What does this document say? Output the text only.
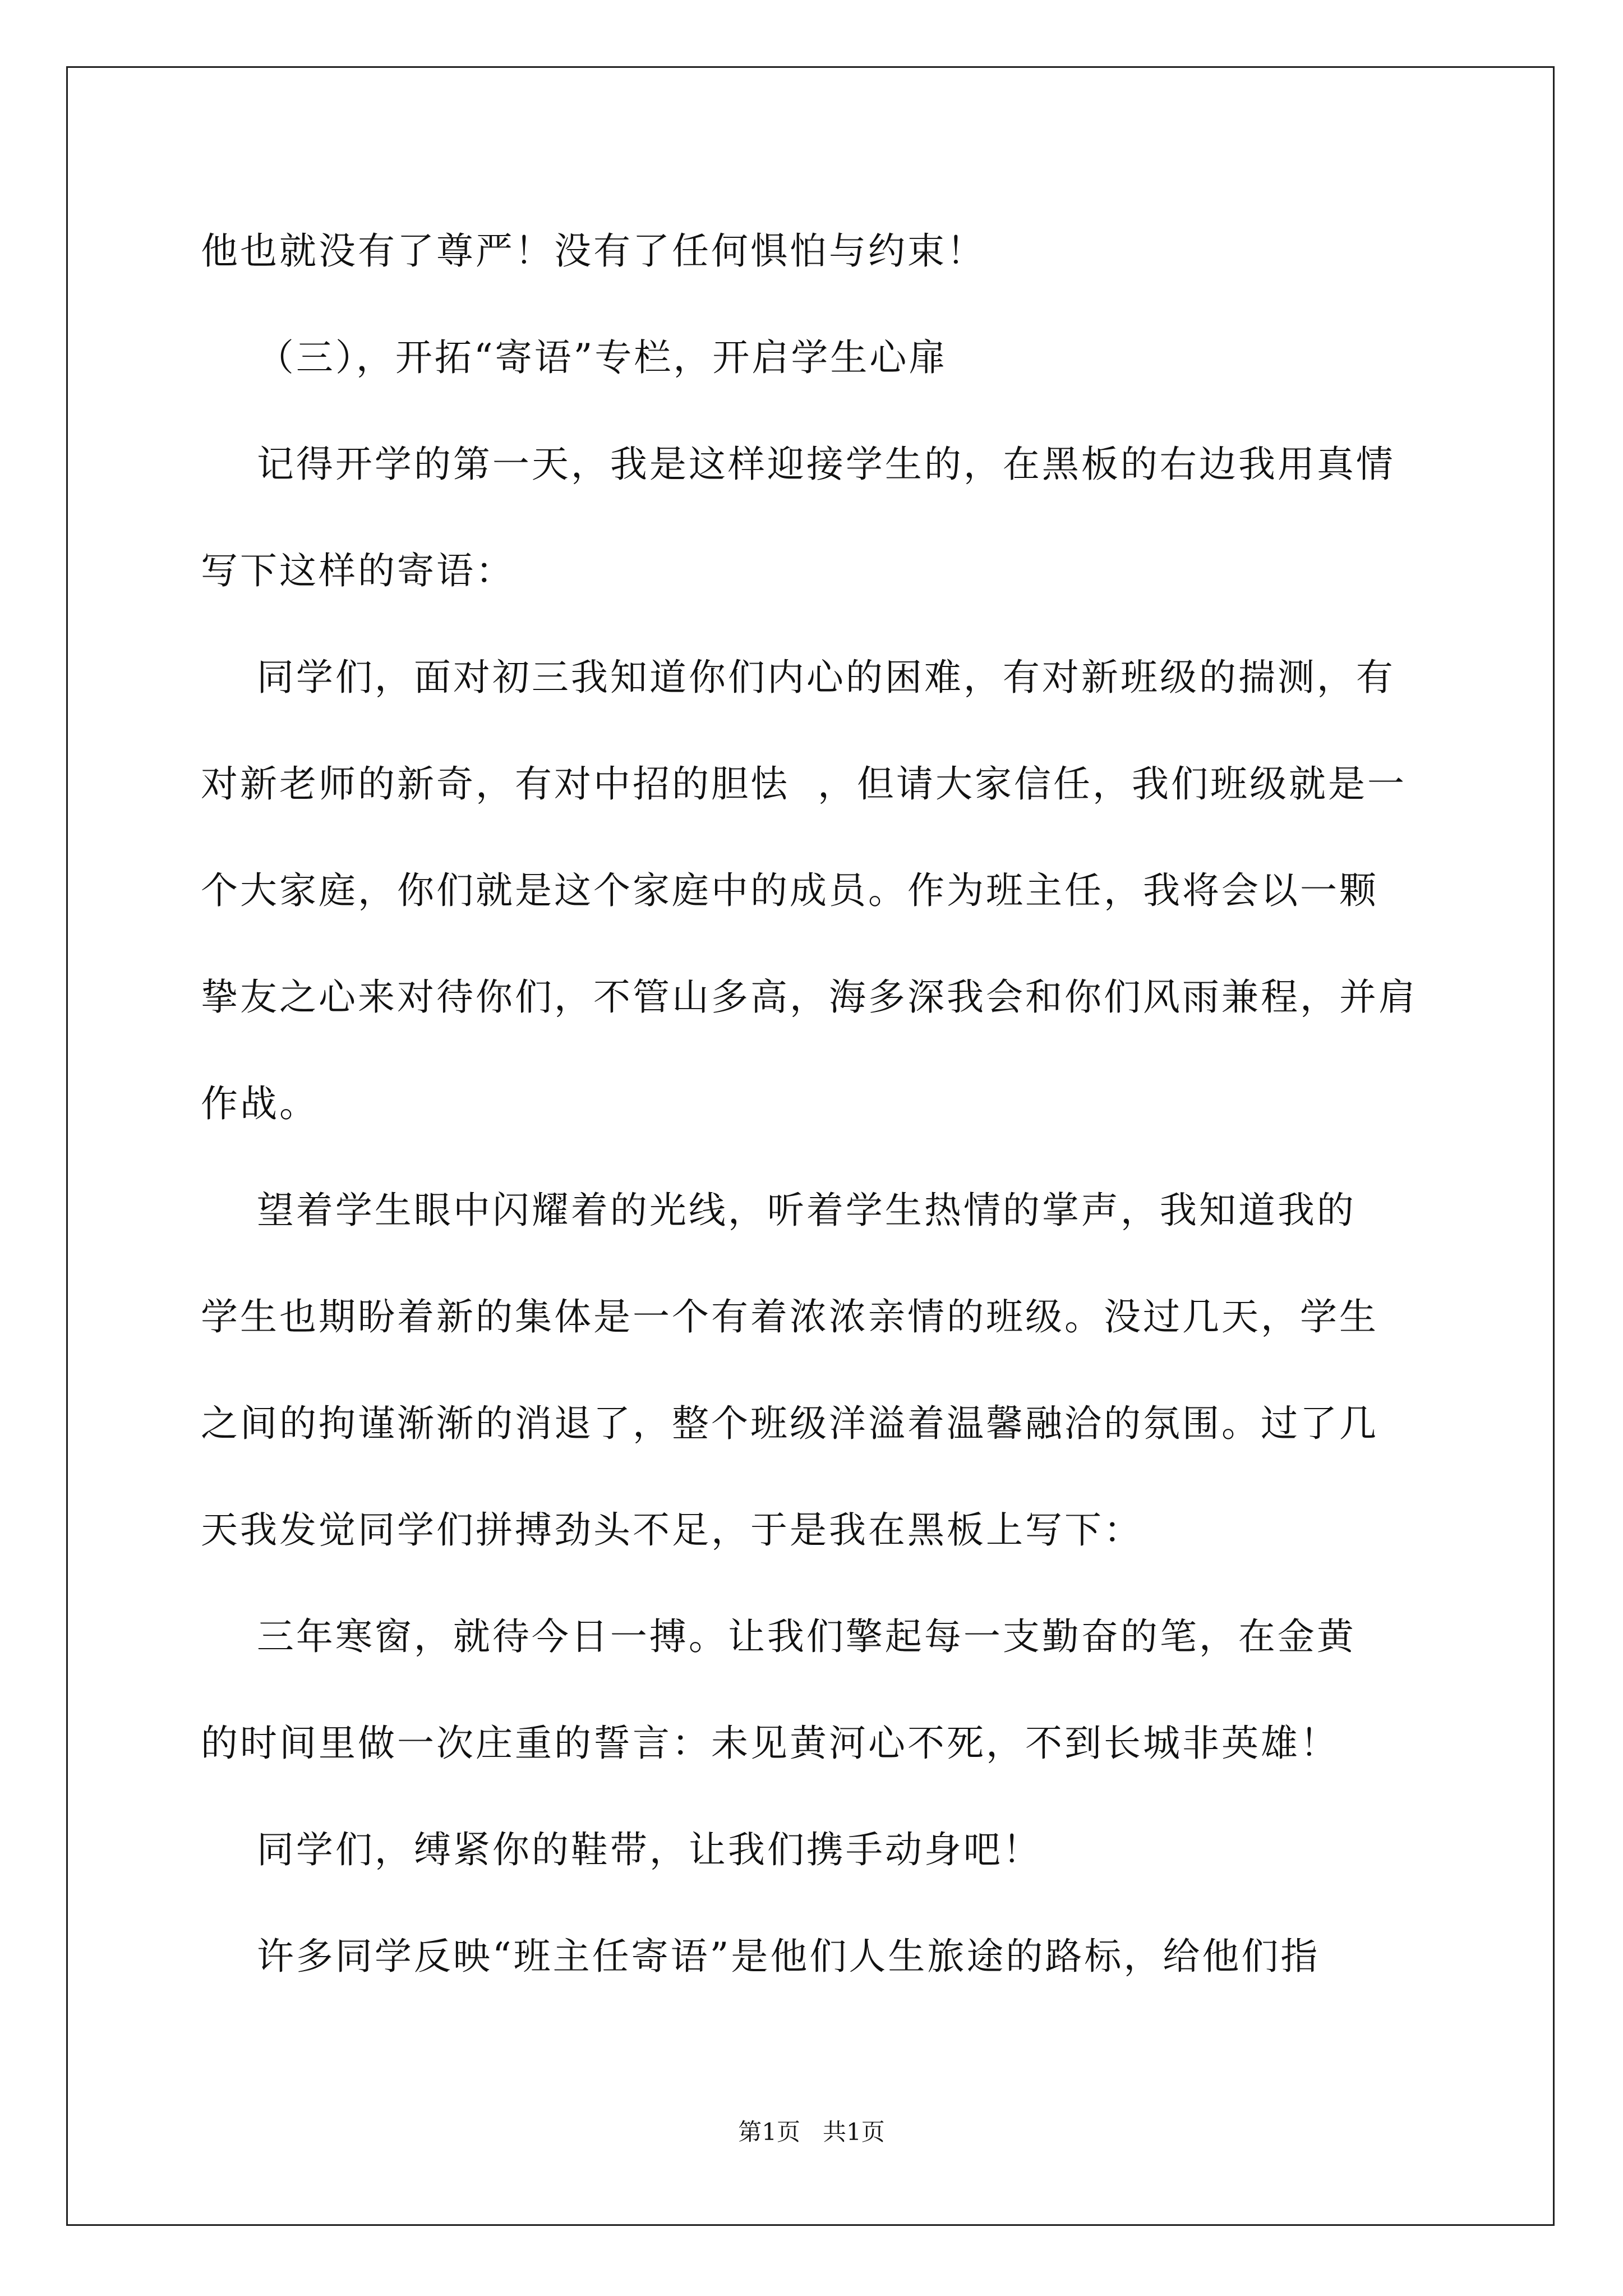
他也就没有了尊严！没有了任何惧怕与约束！
（三），开拓“寄语”专栏，开启学生心扉
记得开学的第一天，我是这样迎接学生的，在黑板的右边我用真情
写下这样的寄语：
同学们，面对初三我知道你们内心的困难，有对新班级的揣测，有
对新老师的新奇，有对中招的胆怯  ，但请大家信任，我们班级就是一
个大家庭，你们就是这个家庭中的成员。作为班主任，我将会以一颗
挚友之心来对待你们，不管山多高，海多深我会和你们风雨兼程，并肩
作战。
望着学生眼中闪耀着的光线，听着学生热情的掌声，我知道我的
学生也期盼着新的集体是一个有着浓浓亲情的班级。没过几天，学生
之间的拘谨渐渐的消退了，整个班级洋溢着温馨融洽的氛围。过了几
天我发觉同学们拼搏劲头不足，于是我在黑板上写下：
三年寒窗，就待今日一搏。让我们擎起每一支勤奋的笔，在金黄
的时间里做一次庄重的誓言：未见黄河心不死，不到长城非英雄！
同学们，缚紧你的鞋带，让我们携手动身吧！
许多同学反映“班主任寄语”是他们人生旅途的路标，给他们指
第1页   共1页
